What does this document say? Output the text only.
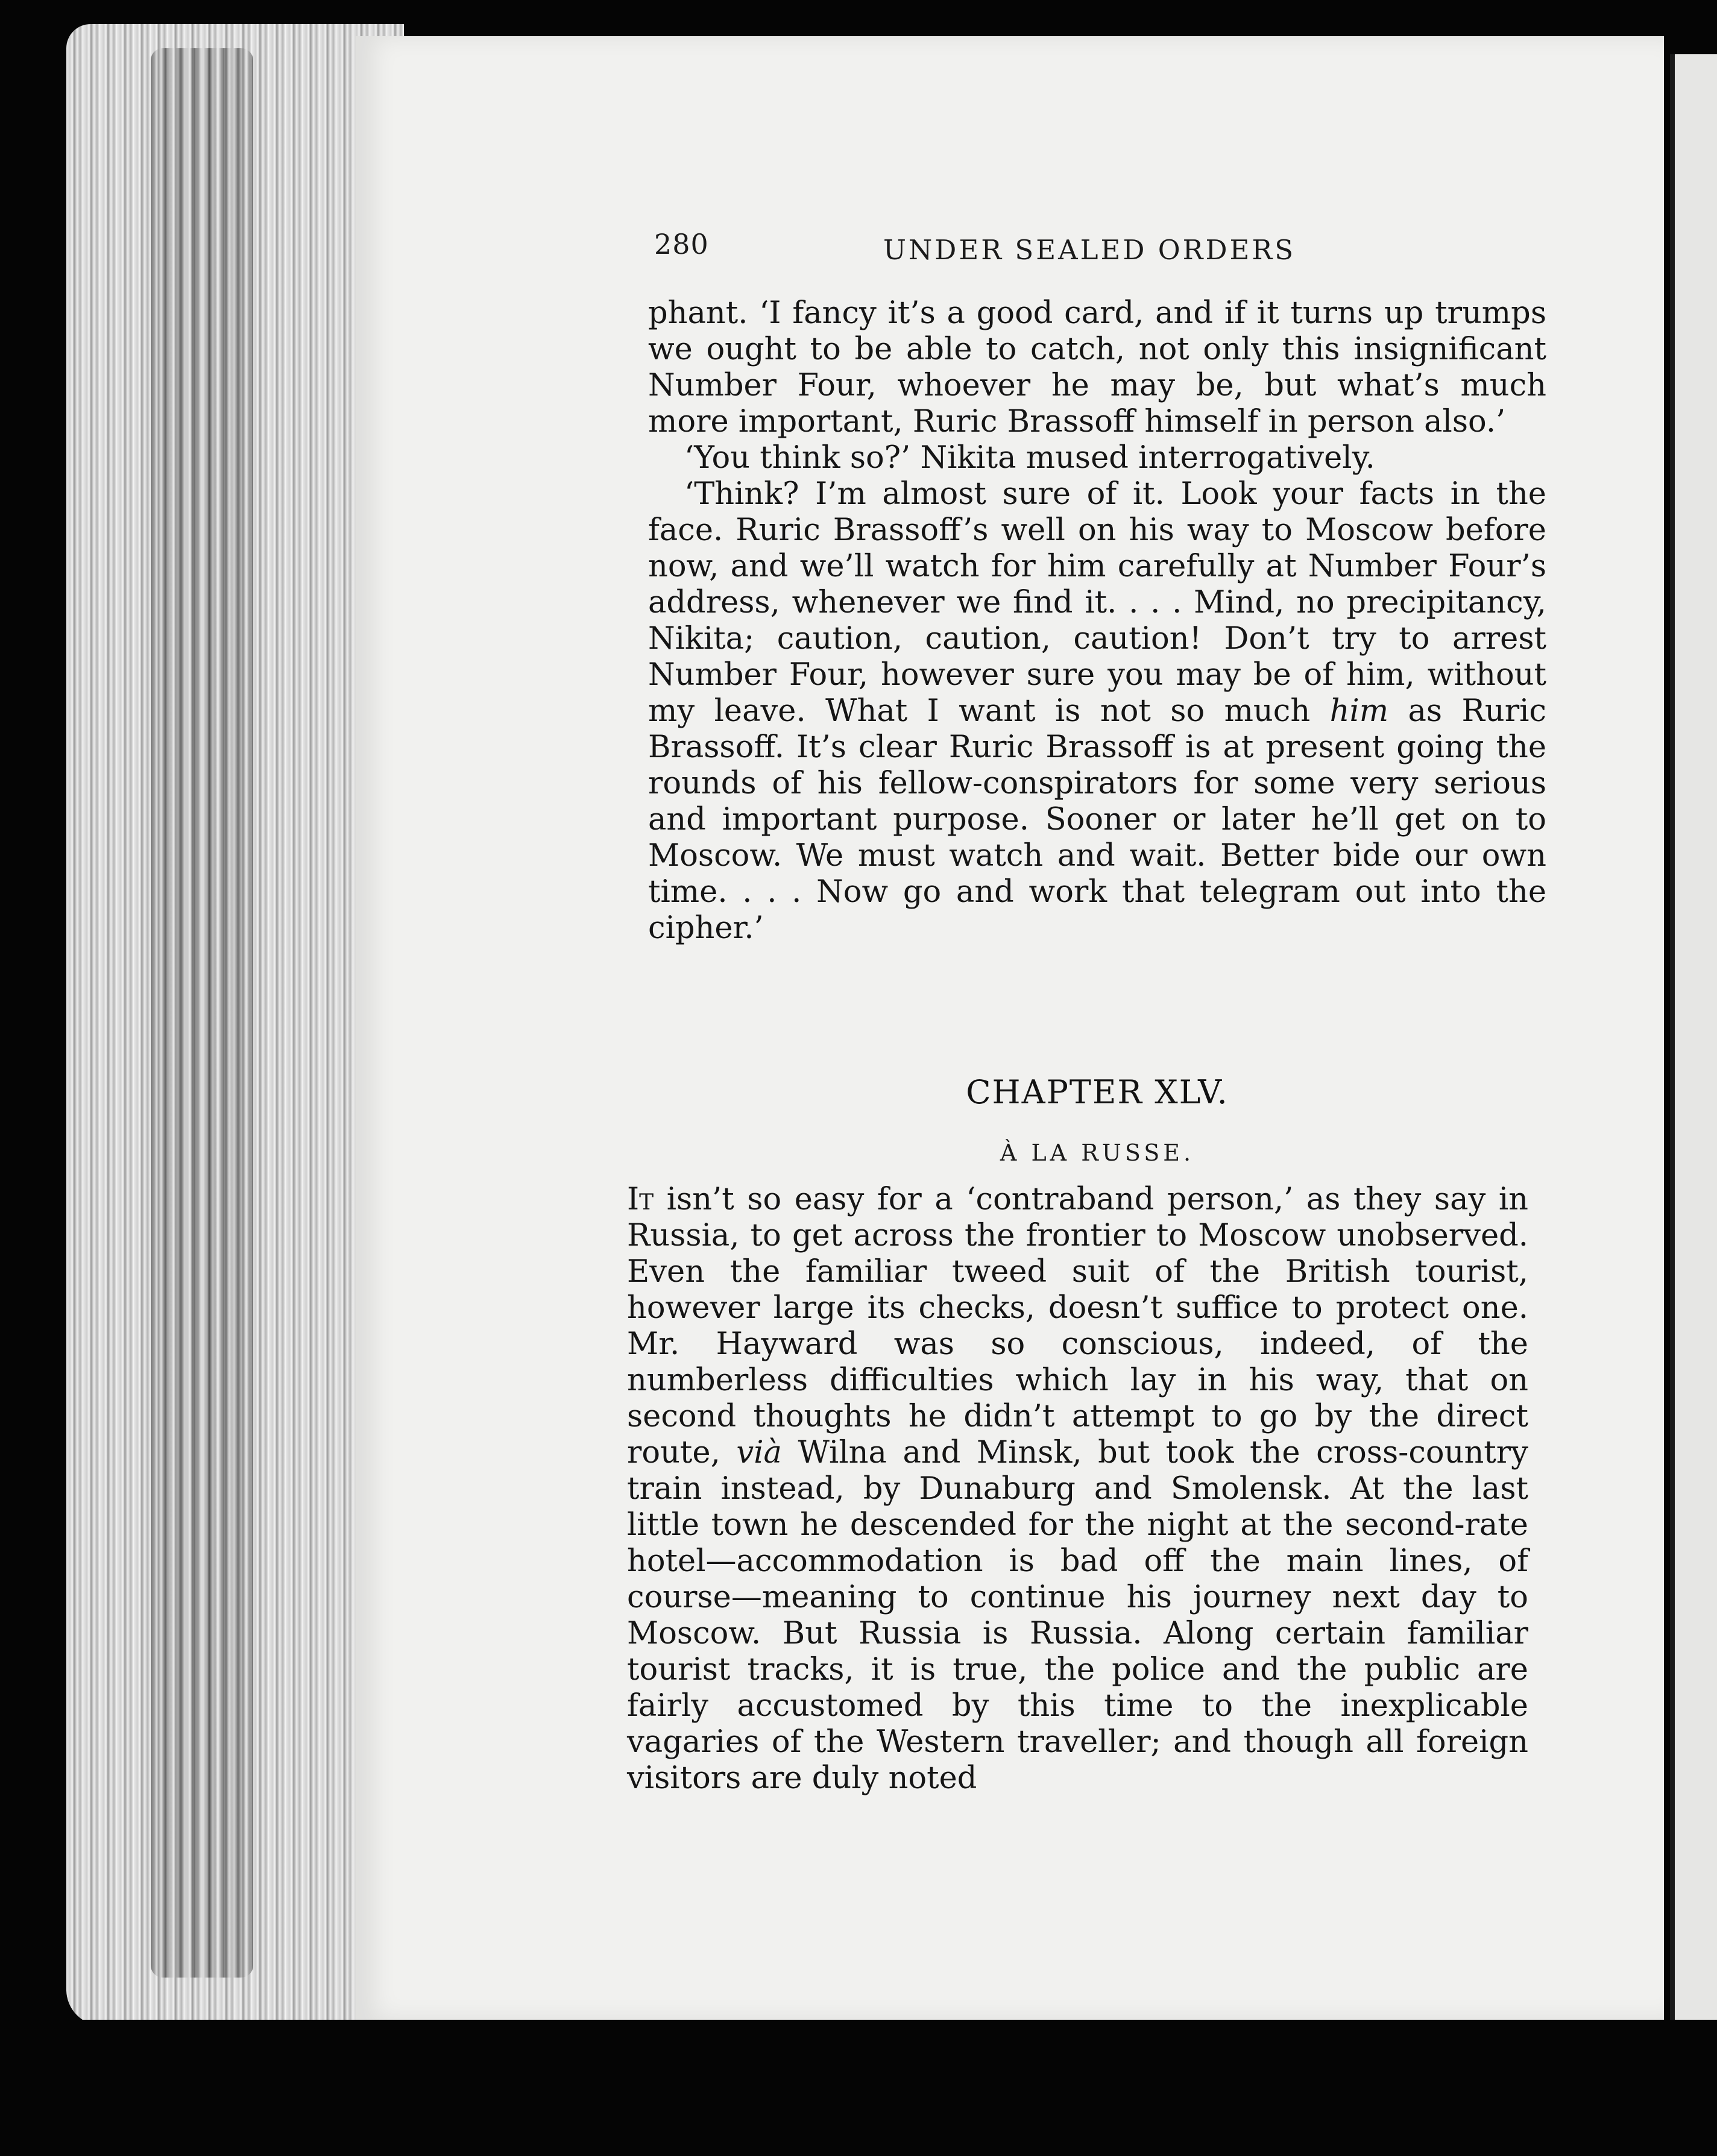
280	UNDER SEALED ORDERS

phant. ‘I fancy it’s a good card, and if it turns up trumps we ought to be able to catch, not only this insignificant Number Four, whoever he may be, but what’s much more important, Ruric Brassoff himself in person also.’

‘You think so?’ Nikita mused interrogatively.

‘Think? I’m almost sure of it. Look your facts in the face. Ruric Brassoff’s well on his way to Moscow before now, and we’ll watch for him carefully at Number Four’s address, whenever we find it. . . . Mind, no precipitancy, Nikita; caution, caution, caution! Don’t try to arrest Number Four, however sure you may be of him, without my leave. What I want is not so much him as Ruric Brassoff. It’s clear Ruric Brassoff is at present going the rounds of his fellow-conspirators for some very serious and important purpose. Sooner or later he’ll get on to Moscow. We must watch and wait. Better bide our own time. . . . Now go and work that telegram out into the cipher.’

CHAPTER XLV.
À LA RUSSE.

It isn’t so easy for a ‘contraband person,’ as they say in Russia, to get across the frontier to Moscow unobserved. Even the familiar tweed suit of the British tourist, however large its checks, doesn’t suffice to protect one. Mr. Hayward was so conscious, indeed, of the numberless difficulties which lay in his way, that on second thoughts he didn’t attempt to go by the direct route, vià Wilna and Minsk, but took the cross-country train instead, by Dunaburg and Smolensk. At the last little town he descended for the night at the second-rate hotel—accommodation is bad off the main lines, of course—meaning to continue his journey next day to Moscow. But Russia is Russia. Along certain familiar tourist tracks, it is true, the police and the public are fairly accustomed by this time to the inexplicable vagaries of the Western traveller; and though all foreign visitors are duly noted
